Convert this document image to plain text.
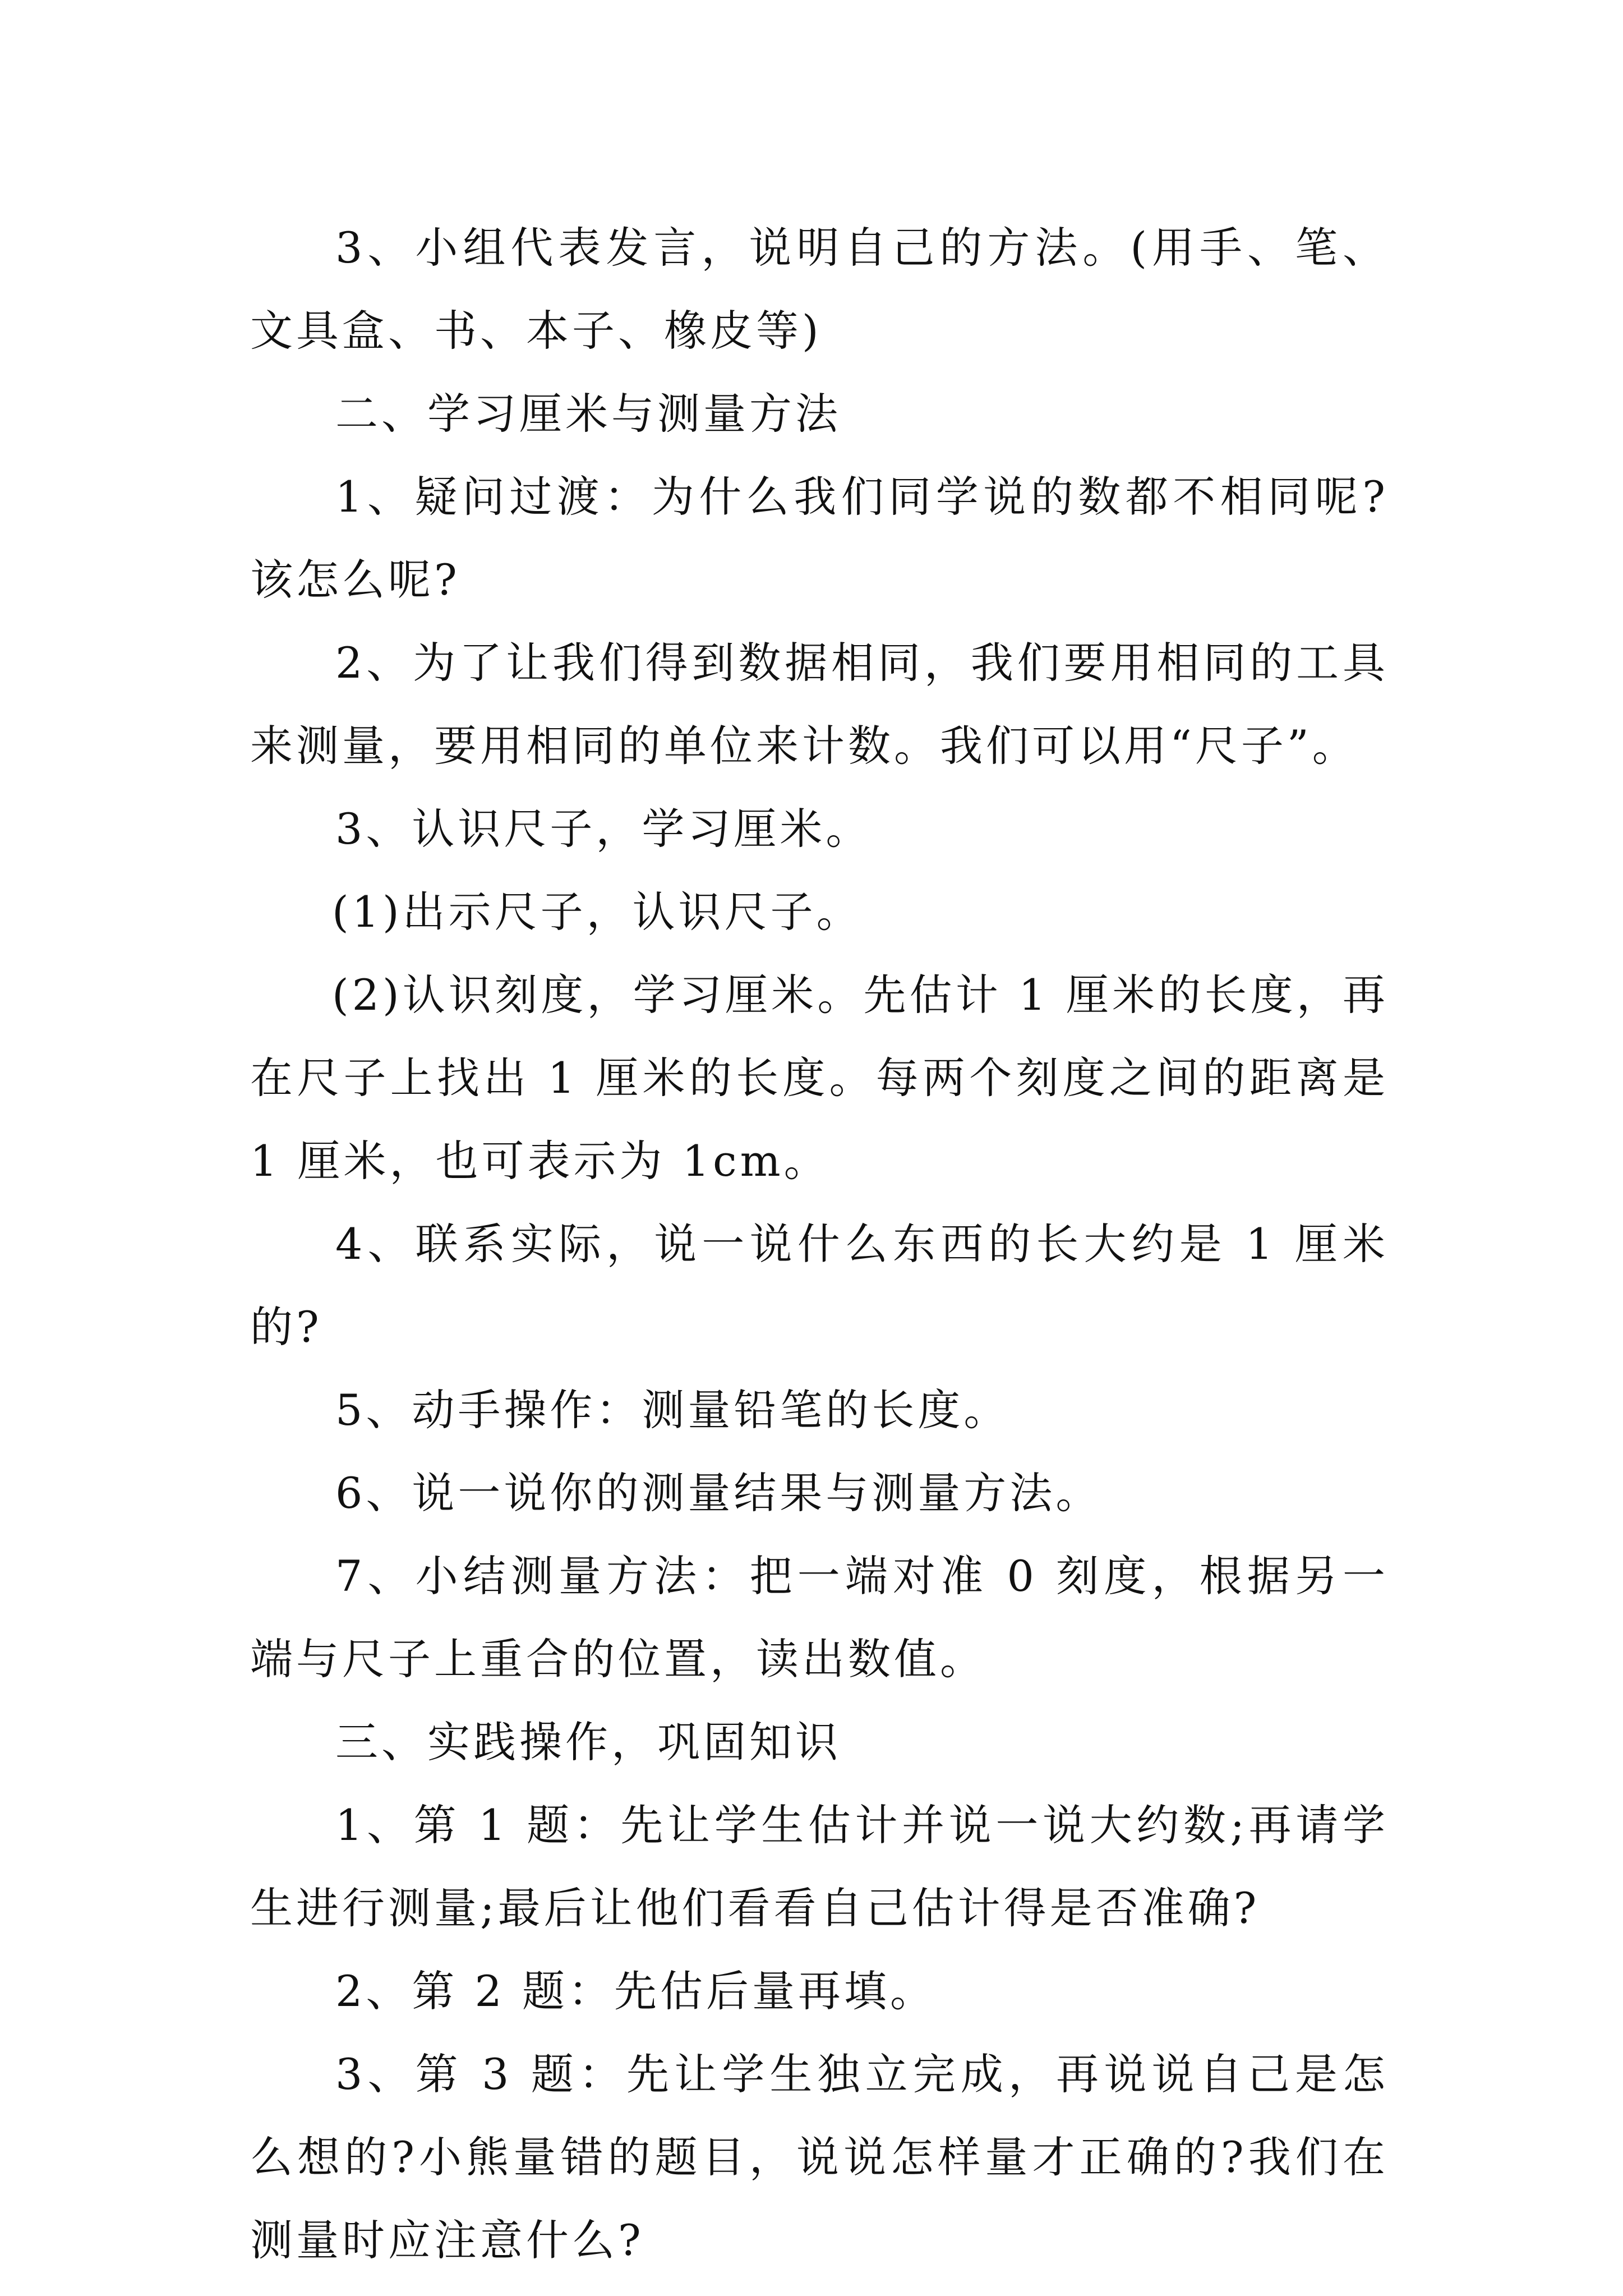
3、小组代表发言，说明自己的方法。(用手、笔、文具盒、书、本子、橡皮等)

二、学习厘米与测量方法

1、疑问过渡：为什么我们同学说的数都不相同呢?该怎么呢?

2、为了让我们得到数据相同，我们要用相同的工具来测量，要用相同的单位来计数。我们可以用“尺子”。

3、认识尺子，学习厘米。

(1)出示尺子，认识尺子。

(2)认识刻度，学习厘米。先估计 1 厘米的长度，再在尺子上找出 1 厘米的长度。每两个刻度之间的距离是 1 厘米，也可表示为 1cm。

4、联系实际，说一说什么东西的长大约是 1 厘米的?

5、动手操作：测量铅笔的长度。

6、说一说你的测量结果与测量方法。

7、小结测量方法：把一端对准 0 刻度，根据另一端与尺子上重合的位置，读出数值。

三、实践操作，巩固知识

1、第 1 题：先让学生估计并说一说大约数;再请学生进行测量;最后让他们看看自己估计得是否准确?

2、第 2 题：先估后量再填。

3、第 3 题：先让学生独立完成，再说说自己是怎么想的?小熊量错的题目，说说怎样量才正确的?我们在测量时应注意什么?
